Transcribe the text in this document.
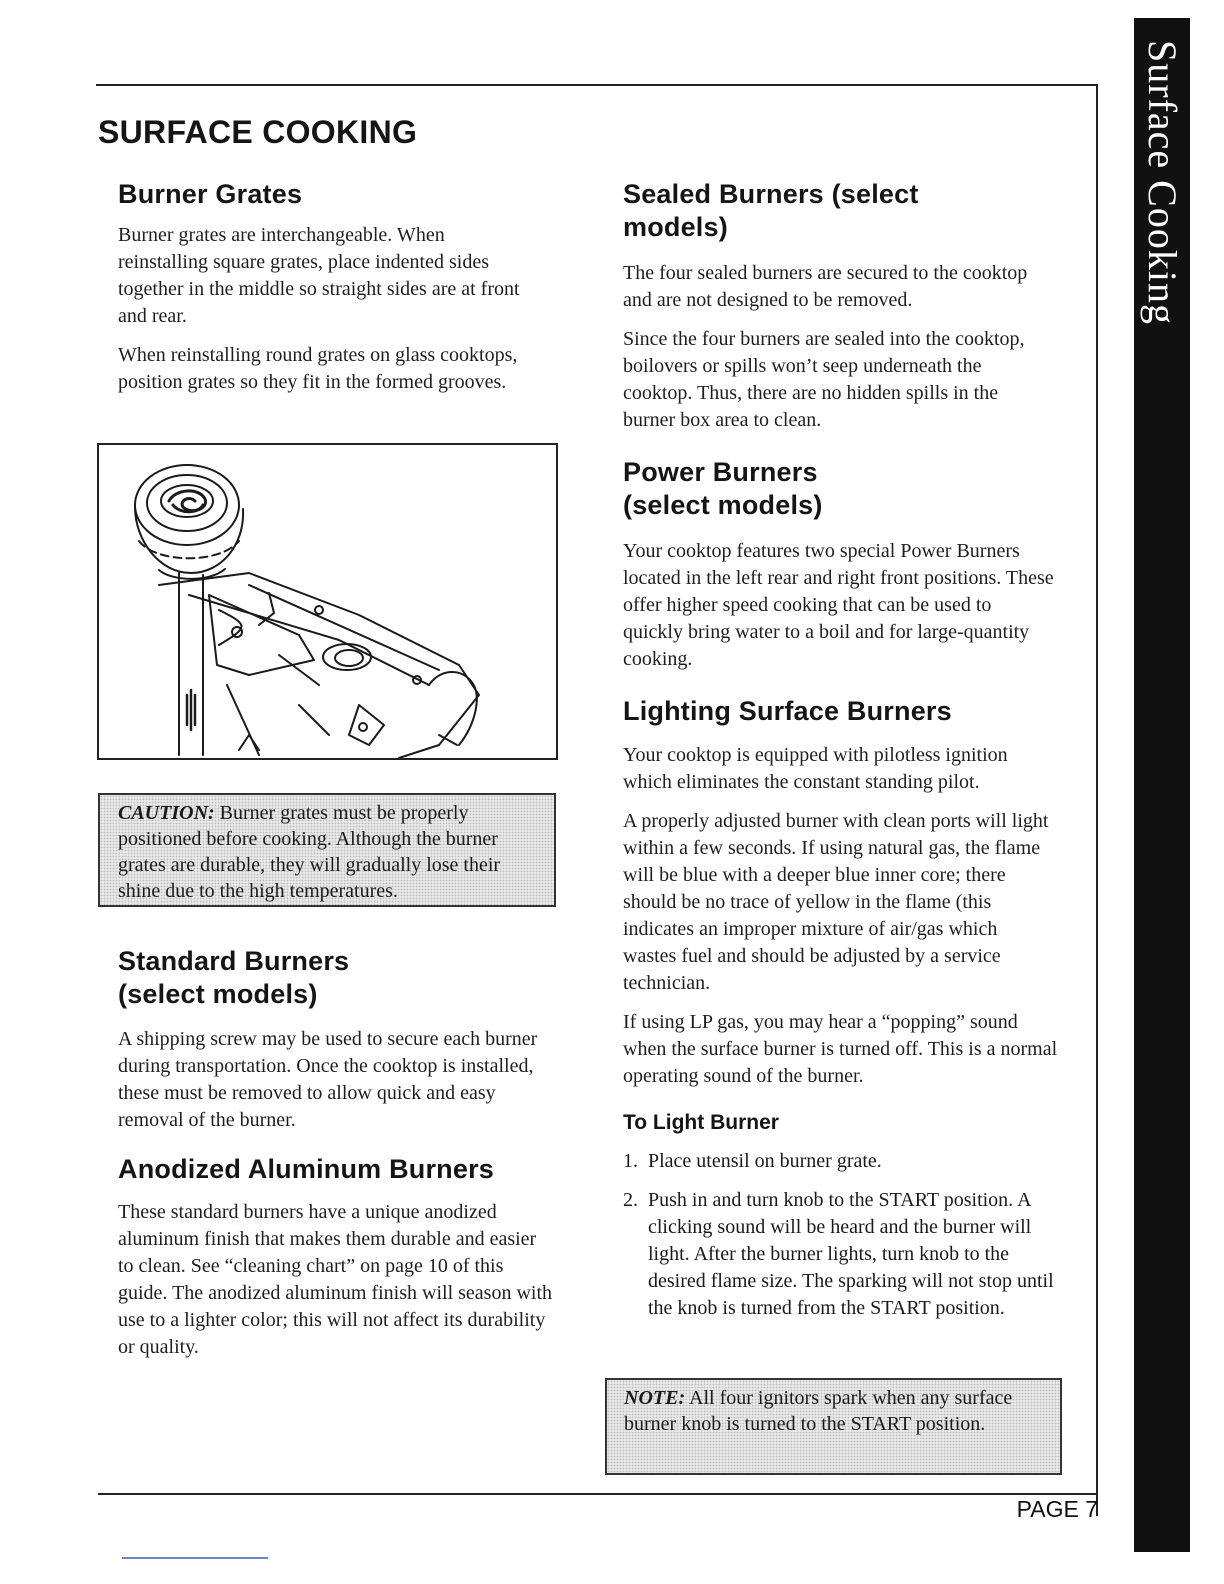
Surface Cooking
SURFACE COOKING
Burner Grates

Burner grates are interchangeable. When reinstalling square grates, place indented sides together in the middle so straight sides are at front and rear.

When reinstalling round grates on glass cooktops, position grates so they fit in the formed grooves.

CAUTION: Burner grates must be properly positioned before cooking. Although the burner grates are durable, they will gradually lose their shine due to the high temperatures.
Standard Burners
(select models)

A shipping screw may be used to secure each burner during transportation. Once the cooktop is installed, these must be removed to allow quick and easy removal of the burner.

Anodized Aluminum Burners

These standard burners have a unique anodized aluminum finish that makes them durable and easier to clean. See “cleaning chart” on page 10 of this guide. The anodized aluminum finish will season with use to a lighter color; this will not affect its durability or quality.

Sealed Burners (select
models)

The four sealed burners are secured to the cooktop and are not designed to be removed.

Since the four burners are sealed into the cooktop, boilovers or spills won’t seep underneath the cooktop. Thus, there are no hidden spills in the burner box area to clean.

Power Burners
(select models)

Your cooktop features two special Power Burners located in the left rear and right front positions. These offer higher speed cooking that can be used to quickly bring water to a boil and for large-quantity cooking.

Lighting Surface Burners

Your cooktop is equipped with pilotless ignition which eliminates the constant standing pilot.

A properly adjusted burner with clean ports will light within a few seconds. If using natural gas, the flame will be blue with a deeper blue inner core; there should be no trace of yellow in the flame (this indicates an improper mixture of air/gas which wastes fuel and should be adjusted by a service technician.

If using LP gas, you may hear a “popping” sound when the surface burner is turned off. This is a normal operating sound of the burner.

To Light Burner
1. Place utensil on burner grate.
2. Push in and turn knob to the START position. A clicking sound will be heard and the burner will light. After the burner lights, turn knob to the desired flame size. The sparking will not stop until the knob is turned from the START position.
NOTE: All four ignitors spark when any surface burner knob is turned to the START position.
PAGE 7
